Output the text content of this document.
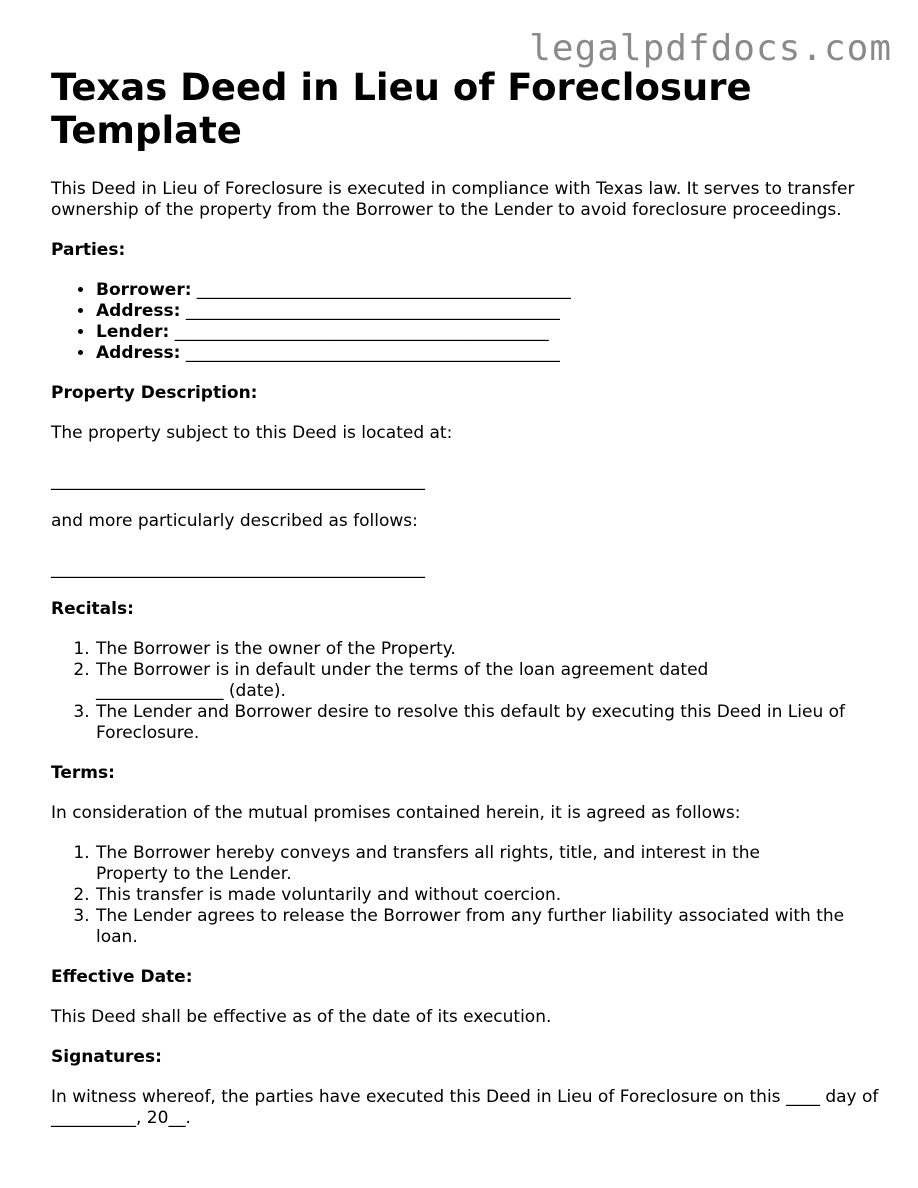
legalpdfdocs.com
Texas Deed in Lieu of Foreclosure Template

This Deed in Lieu of Foreclosure is executed in compliance with Texas law. It serves to transfer ownership of the property from the Borrower to the Lender to avoid foreclosure proceedings.

Parties:

• Borrower: ____________________________________________
• Address: ____________________________________________
• Lender: ____________________________________________
• Address: ____________________________________________

Property Description:

The property subject to this Deed is located at:

____________________________________________

and more particularly described as follows:

____________________________________________

Recitals:

1. The Borrower is the owner of the Property.
2. The Borrower is in default under the terms of the loan agreement dated _______________ (date).
3. The Lender and Borrower desire to resolve this default by executing this Deed in Lieu of Foreclosure.

Terms:

In consideration of the mutual promises contained herein, it is agreed as follows:

1. The Borrower hereby conveys and transfers all rights, title, and interest in the Property to the Lender.
2. This transfer is made voluntarily and without coercion.
3. The Lender agrees to release the Borrower from any further liability associated with the loan.

Effective Date:

This Deed shall be effective as of the date of its execution.

Signatures:

In witness whereof, the parties have executed this Deed in Lieu of Foreclosure on this ____ day of __________, 20__.
